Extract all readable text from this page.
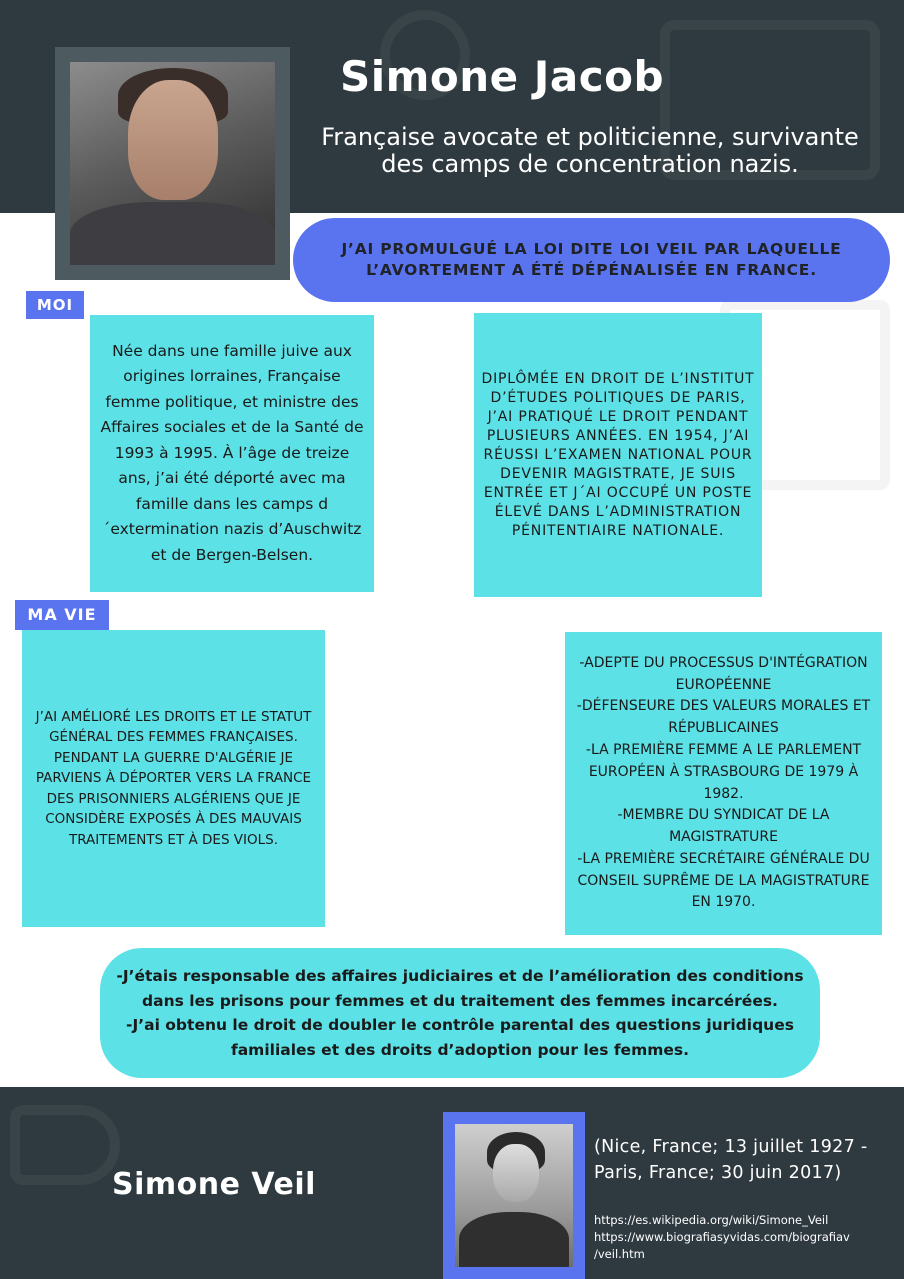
Simone Jacob
Française avocate et politicienne, survivante des camps de concentration nazis.
J’AI PROMULGUÉ LA LOI DITE LOI VEIL PAR LAQUELLE L’AVORTEMENT A ÉTÉ DÉPÉNALISÉE EN FRANCE.
MOI
Née dans une famille juive aux origines lorraines, Française femme politique, et ministre des Affaires sociales et de la Santé de 1993 à 1995. À l’âge de treize ans, j’ai été déporté avec ma famille dans les camps d´extermination nazis d’Auschwitz et de Bergen-Belsen.
DIPLÔMÉE EN DROIT DE L’INSTITUT D’ÉTUDES POLITIQUES DE PARIS, J’AI PRATIQUÉ LE DROIT PENDANT PLUSIEURS ANNÉES. EN 1954, J’AI RÉUSSI L’EXAMEN NATIONAL POUR DEVENIR MAGISTRATE, JE SUIS ENTRÉE ET J´AI OCCUPÉ UN POSTE ÉLEVÉ DANS L’ADMINISTRATION PÉNITENTIAIRE NATIONALE.
MA VIE
J’AI AMÉLIORÉ LES DROITS ET LE STATUT GÉNÉRAL DES FEMMES FRANÇAISES.
PENDANT LA GUERRE D'ALGÉRIE JE PARVIENS À DÉPORTER VERS LA FRANCE DES PRISONNIERS ALGÉRIENS QUE JE CONSIDÈRE EXPOSÉS À DES MAUVAIS TRAITEMENTS ET À DES VIOLS.
-ADEPTE DU PROCESSUS D'INTÉGRATION EUROPÉENNE
-DÉFENSEURE DES VALEURS MORALES ET RÉPUBLICAINES
-LA PREMIÈRE FEMME A LE PARLEMENT EUROPÉEN À STRASBOURG DE 1979 À 1982.
-MEMBRE DU SYNDICAT DE LA MAGISTRATURE
-LA PREMIÈRE SECRÉTAIRE GÉNÉRALE DU CONSEIL SUPRÊME DE LA MAGISTRATURE EN 1970.
-J’étais responsable des affaires judiciaires et de l’amélioration des conditions dans les prisons pour femmes et du traitement des femmes incarcérées.
-J’ai obtenu le droit de doubler le contrôle parental des questions juridiques familiales et des droits d’adoption pour les femmes.
Simone Veil
(Nice, France; 13 juillet 1927 - Paris, France; 30 juin 2017)
https://es.wikipedia.org/wiki/Simone_Veil
https://www.biografiasyvidas.com/biografiav
/veil.htm
